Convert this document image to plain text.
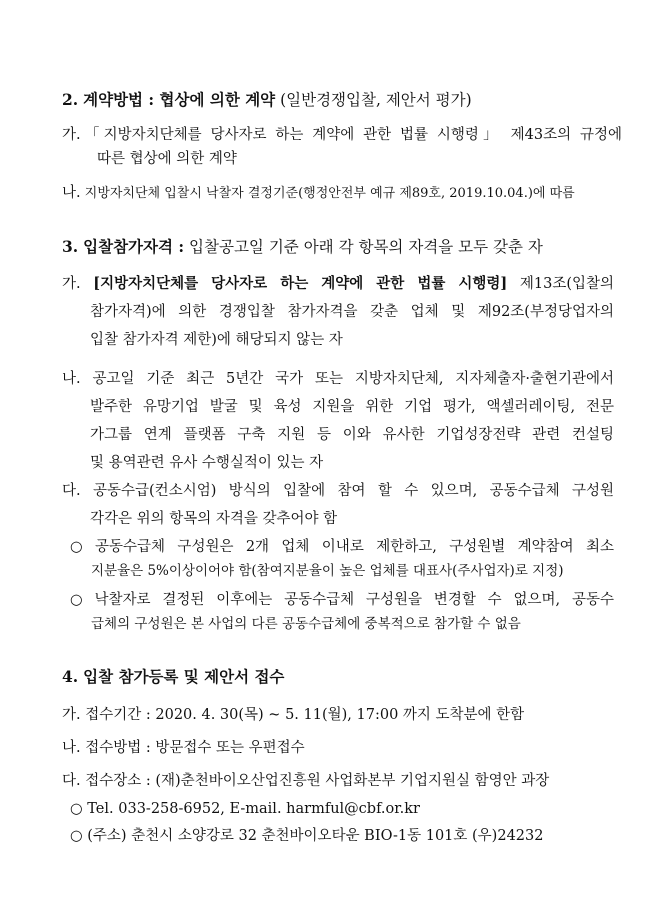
2. 계약방법 : 협상에 의한 계약 (일반경쟁입찰, 제안서 평가)
가.「지방자치단체를 당사자로 하는 계약에 관한 법률 시행령」 제43조의 규정에
따른 협상에 의한 계약
나. 지방자치단체 입찰시 낙찰자 결정기준(행정안전부 예규 제89호, 2019.10.04.)에 따름
3. 입찰참가자격 : 입찰공고일 기준 아래 각 항목의 자격을 모두 갖춘 자
가. [지방자치단체를 당사자로 하는 계약에 관한 법률 시행령] 제13조(입찰의
참가자격)에 의한 경쟁입찰 참가자격을 갖춘 업체 및 제92조(부정당업자의
입찰 참가자격 제한)에 해당되지 않는 자
나. 공고일 기준 최근 5년간 국가 또는 지방자치단체, 지자체출자·출현기관에서
발주한 유망기업 발굴 및 육성 지원을 위한 기업 평가, 액셀러레이팅, 전문
가그룹 연계 플랫폼 구축 지원 등 이와 유사한 기업성장전략 관련 컨설팅
및 용역관련 유사 수행실적이 있는 자
다. 공동수급(컨소시엄) 방식의 입찰에 참여 할 수 있으며, 공동수급체 구성원
각각은 위의 항목의 자격을 갖추어야 함
○ 공동수급체 구성원은 2개 업체 이내로 제한하고, 구성원별 계약참여 최소
지분율은 5%이상이어야 함(참여지분율이 높은 업체를 대표사(주사업자)로 지정)
○ 낙찰자로 결정된 이후에는 공동수급체 구성원을 변경할 수 없으며, 공동수
급체의 구성원은 본 사업의 다른 공동수급체에 중복적으로 참가할 수 없음
4. 입찰 참가등록 및 제안서 접수
가. 접수기간 : 2020. 4. 30(목) ~ 5. 11(월), 17:00 까지 도착분에 한함
나. 접수방법 : 방문접수 또는 우편접수
다. 접수장소 : (재)춘천바이오산업진흥원 사업화본부 기업지원실 함영안 과장
○ Tel. 033-258-6952, E-mail. harmful@cbf.or.kr
○ (주소) 춘천시 소양강로 32 춘천바이오타운 BIO-1동 101호 (우)24232
